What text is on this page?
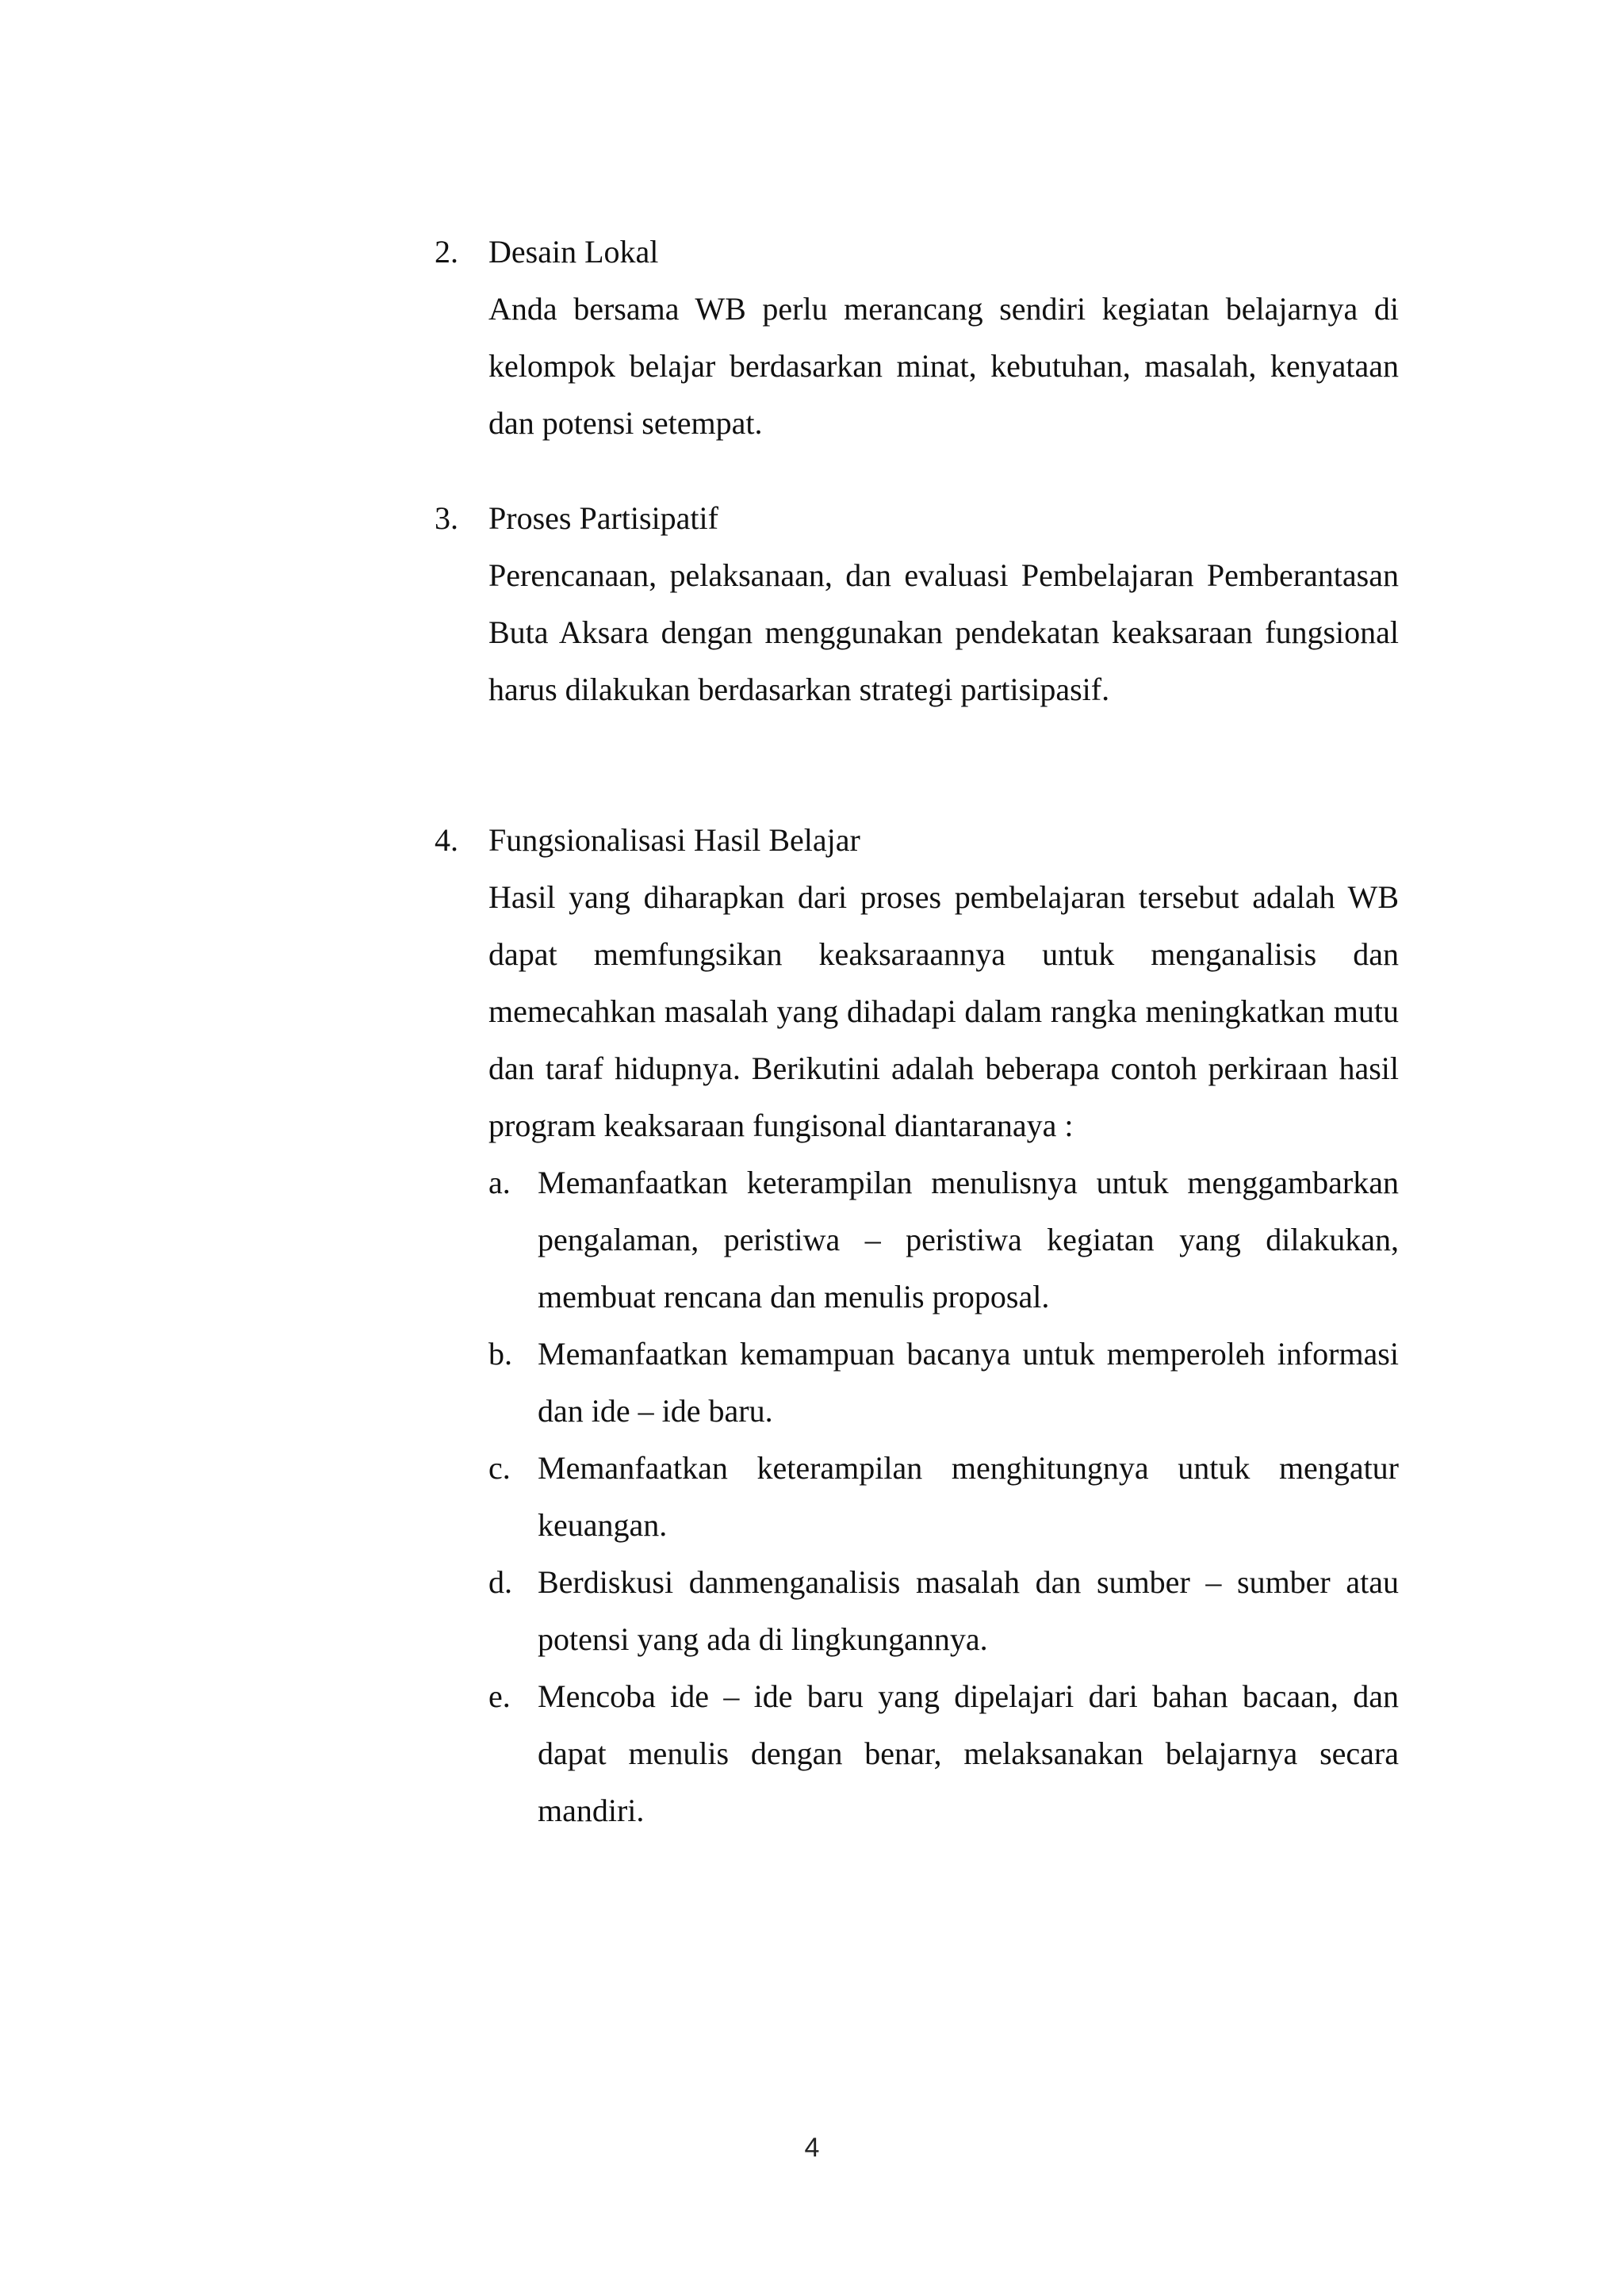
2. Desain Lokal

Anda bersama WB perlu merancang sendiri kegiatan belajarnya di kelompok belajar berdasarkan minat, kebutuhan, masalah, kenyataan dan potensi setempat.

3. Proses Partisipatif

Perencanaan, pelaksanaan, dan evaluasi Pembelajaran Pemberantasan Buta Aksara dengan menggunakan pendekatan keaksaraan fungsional harus dilakukan berdasarkan strategi partisipasif.

4. Fungsionalisasi Hasil Belajar

Hasil yang diharapkan dari proses pembelajaran tersebut adalah WB dapat memfungsikan keaksaraannya untuk menganalisis dan memecahkan masalah yang dihadapi dalam rangka meningkatkan mutu dan taraf hidupnya. Berikutini adalah beberapa contoh perkiraan hasil program keaksaraan fungisonal diantaranaya :

a. Memanfaatkan keterampilan menulisnya untuk menggambarkan pengalaman, peristiwa – peristiwa kegiatan yang dilakukan, membuat rencana dan menulis proposal.
b. Memanfaatkan kemampuan bacanya untuk memperoleh informasi dan ide – ide baru.
c. Memanfaatkan keterampilan menghitungnya untuk mengatur keuangan.
d. Berdiskusi danmenganalisis masalah dan sumber – sumber atau potensi yang ada di lingkungannya.
e. Mencoba ide – ide baru yang dipelajari dari bahan bacaan, dan dapat menulis dengan benar, melaksanakan belajarnya secara mandiri.
4
